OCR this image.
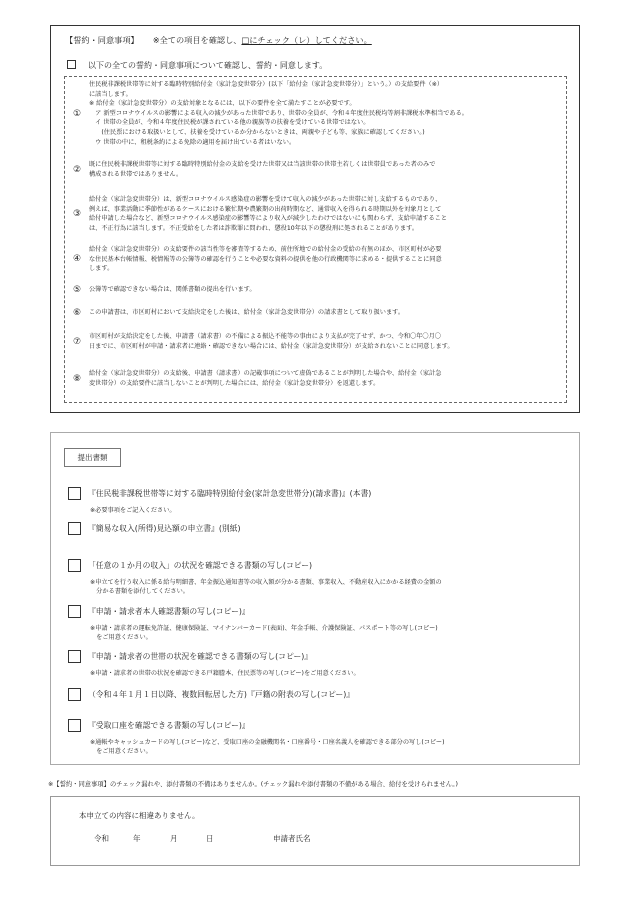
【誓約・同意事項】 ※全ての項目を確認し、□にチェック（レ）してください。
以下の全ての誓約・同意事項について確認し、誓約・同意します。
①
住民税非課税世帯等に対する臨時特別給付金（家計急変世帯分）(以下「給付金（家計急変世帯分）」という。）の支給要件（※）
に該当します。
※ 給付金（家計急変世帯分）の支給対象となるには、以下の要件を全て満たすことが必要です。
　ア 新型コロナウイルスの影響による収入の減少があった世帯であり、世帯の全員が、令和４年度住民税均等割非課税水準相当である。
　イ 世帯の全員が、令和４年度住民税が課されている他の親族等の扶養を受けている世帯ではない。
　　(住民票における取扱いとして、扶養を受けているか分からないときは、両親や子ども等、家族に確認してください。)
　ウ 世帯の中に、租税条約による免除の適用を届け出ている者はいない。
②
既に住民税非課税世帯等に対する臨時特別給付金の支給を受けた世帯又は当該世帯の世帯主若しくは世帯員であった者のみで
構成される世帯ではありません。
③
給付金（家計急変世帯分）は、新型コロナウイルス感染症の影響を受けて収入の減少があった世帯に対し支給するものであり、
例えば、事業活動に季節性があるケースにおける繁忙期や農繁期の出荷時期など、通常収入を得られる時期以外を対象月として
給付申請した場合など、新型コロナウイルス感染症の影響等により収入が減少したわけではないにも関わらず、支給申請すること
は、不正行為に該当します。不正受給をした者は詐欺罪に問われ、懲役10年以下の懲役刑に処されることがあります。
④
給付金（家計急変世帯分）の支給要件の該当性等を審査等するため、前住所地での給付金の受給の有無のほか、市区町村が必要
な住民基本台帳情報、税情報等の公簿等の確認を行うことや必要な資料の提供を他の行政機関等に求める・提供することに同意
します。
⑤	公簿等で確認できない場合は、関係書類の提出を行います。
⑥	この申請書は、市区町村において支給決定をした後は、給付金（家計急変世帯分）の請求書として取り扱います。
⑦
市区町村が支給決定をした後、申請書（請求書）の不備による振込不能等の事由により支払が完了せず、かつ、令和〇年〇月〇
日までに、市区町村が申請・請求者に連絡・確認できない場合には、給付金（家計急変世帯分）が支給されないことに同意します。
⑧
給付金（家計急変世帯分）の支給後、申請書（請求書）の記載事項について虚偽であることが判明した場合や、給付金（家計急
変世帯分）の支給要件に該当しないことが判明した場合には、給付金（家計急変世帯分）を返還します。
提出書類
『住民税非課税世帯等に対する臨時特別給付金(家計急変世帯分)(請求書)』(本書)
※必要事項をご記入ください。
『簡易な収入(所得)見込額の申立書』(別紙)
「任意の１か月の収入」の状況を確認できる書類の写し(コピー)
※申立てを行う収入に係る給与明細書、年金振込通知書等の収入額が分かる書類、事業収入、不動産収入にかかる経費の金額の
　分かる書類を添付してください。
『申請・請求者本人確認書類の写し(コピー)』
※申請・請求者の運転免許証、健康保険証、マイナンバーカード(表面)、年金手帳、介護保険証、パスポート等の写し(コピー)
　をご用意ください。
『申請・請求者の世帯の状況を確認できる書類の写し(コピー)』
※申請・請求者の世帯の状況を確認できる戸籍謄本、住民票等の写し(コピー)をご用意ください。
（令和４年１月１日以降、複数回転居した方)『戸籍の附表の写し(コピー)』
『受取口座を確認できる書類の写し(コピー)』
※通帳やキャッシュカードの写し(コピー)など、受取口座の金融機関名・口座番号・口座名義人を確認できる部分の写し(コピー)
　をご用意ください。
※【誓約・同意事項】のチェック漏れや、添付書類の不備はありませんか。(チェック漏れや添付書類の不備がある場合、給付を受けられません。)
本申立ての内容に相違ありません。
令和	年	月	日	申請者氏名
